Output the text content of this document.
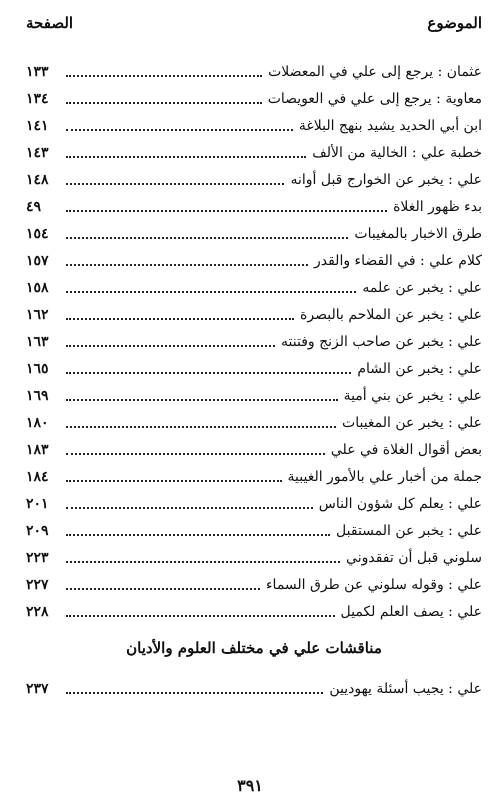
الموضوع
الصفحة
عثمان : يرجع إلى علي في المعضلات
١٣٣
معاوية : يرجع إلى علي في العويصات
١٣٤
ابن أبي الحديد يشيد بنهج البلاغة
١٤١
خطبة علي : الخالية من الألف
١٤٣
علي : يخبر عن الخوارج قبل أوانه
١٤٨
بدء ظهور الغلاة
٤٩
طرق الاخبار بالمغيبات
١٥٤
كلام علي : في القضاء والقدر
١٥٧
علي : يخبر عن علمه
١٥٨
علي : يخبر عن الملاحم بالبصرة
١٦٢
علي : يخبر عن صاحب الزنج وفتنته
١٦٣
علي : يخبر عن الشام
١٦٥
علي : يخبر عن بني أمية
١٦٩
علي : يخبر عن المغيبات
١٨٠
بعض أقوال الغلاة في علي
١٨٣
جملة من أخبار علي بالأمور الغيبية
١٨٤
علي : يعلم كل شؤون الناس
٢٠١
علي : يخبر عن المستقبل
٢٠٩
سلوني قبل أن تفقدوني
٢٢٣
علي : وقوله سلوني عن طرق السماء
٢٢٧
علي : يصف العلم لكميل
٢٢٨
مناقشات علي في مختلف العلوم والأديان
علي : يجيب أسئلة يهوديين
٢٣٧
٣٩١
